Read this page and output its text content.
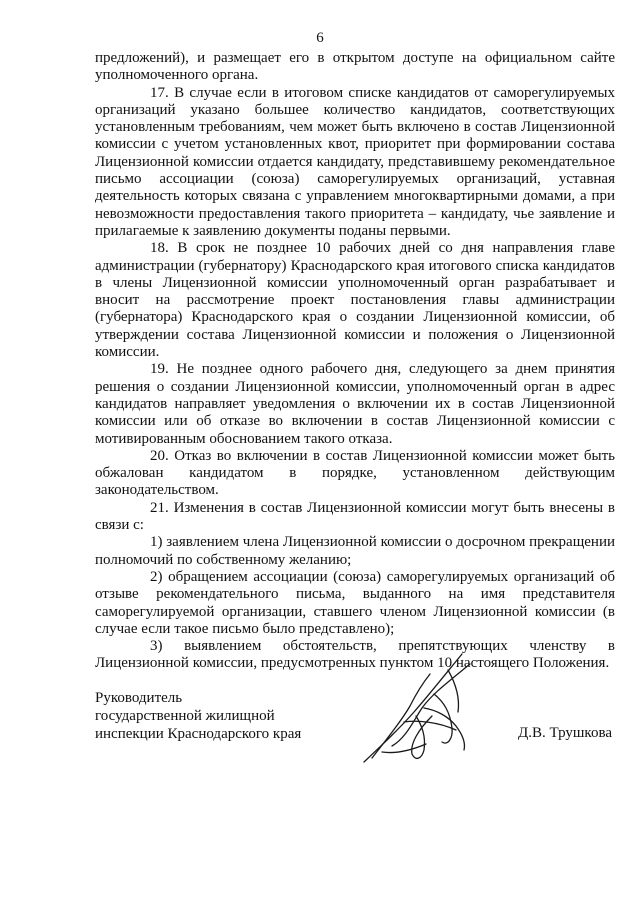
6

предложений), и размещает его в открытом доступе на официальном сайте уполномоченного органа.

17. В случае если в итоговом списке кандидатов от саморегулируемых организаций указано большее количество кандидатов, соответствующих установленным требованиям, чем может быть включено в состав Лицензионной комиссии с учетом установленных квот, приоритет при формировании состава Лицензионной комиссии отдается кандидату, представившему рекомендательное письмо ассоциации (союза) саморегулируемых организаций, уставная деятельность которых связана с управлением многоквартирными домами, а при невозможности предоставления такого приоритета – кандидату, чье заявление и прилагаемые к заявлению документы поданы первыми.

18. В срок не позднее 10 рабочих дней со дня направления главе администрации (губернатору) Краснодарского края итогового списка кандидатов в члены Лицензионной комиссии уполномоченный орган разрабатывает и вносит на рассмотрение проект постановления главы администрации (губернатора) Краснодарского края о создании Лицензионной комиссии, об утверждении состава Лицензионной комиссии и положения о Лицензионной комиссии.

19. Не позднее одного рабочего дня, следующего за днем принятия решения о создании Лицензионной комиссии, уполномоченный орган в адрес кандидатов направляет уведомления о включении их в состав Лицензионной комиссии или об отказе во включении в состав Лицензионной комиссии с мотивированным обоснованием такого отказа.

20. Отказ во включении в состав Лицензионной комиссии может быть обжалован кандидатом в порядке, установленном действующим законодательством.

21. Изменения в состав Лицензионной комиссии могут быть внесены в связи с:

1) заявлением члена Лицензионной комиссии о досрочном прекращении полномочий по собственному желанию;

2) обращением ассоциации (союза) саморегулируемых организаций об отзыве рекомендательного письма, выданного на имя представителя саморегулируемой организации, ставшего членом Лицензионной комиссии (в случае если такое письмо было представлено);

3) выявлением обстоятельств, препятствующих членству в Лицензионной комиссии, предусмотренных пунктом 10 настоящего Положения.

Руководитель
государственной жилищной
инспекции Краснодарского края	Д.В. Трушкова
